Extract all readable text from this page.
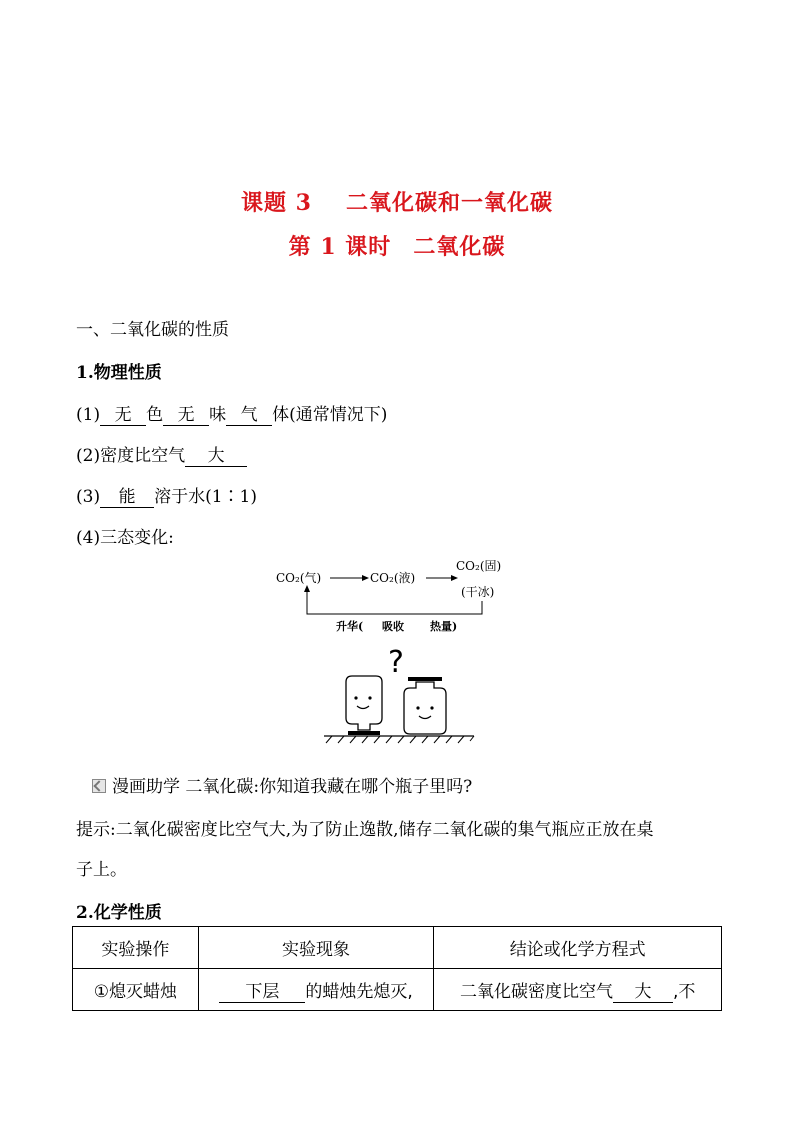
课题 3 二氧化碳和一氧化碳
第 1 课时 二氧化碳
一、二氧化碳的性质
1.物理性质
(1) 无 色 无 味 气 体(通常情况下)
(2)密度比空气 大
(3) 能 溶于水(1∶1)
(4)三态变化:
CO₂(气)	CO₂(液)
CO₂(固)
(干冰)
升华( 吸收 热量)
?
漫画助学 二氧化碳:你知道我藏在哪个瓶子里吗?
提示:二氧化碳密度比空气大,为了防止逸散,储存二氧化碳的集气瓶应正放在桌
子上。
2.化学性质
实验操作	实验现象	结论或化学方程式
①熄灭蜡烛	下层 的蜡烛先熄灭,	二氧化碳密度比空气 大 ,不
